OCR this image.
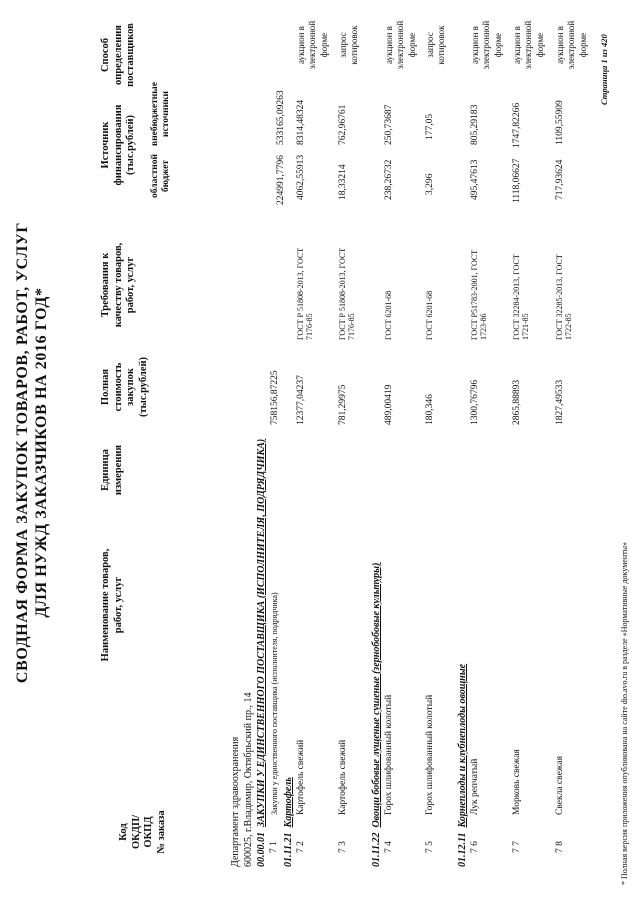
СВОДНАЯ ФОРМА ЗАКУПОК ТОВАРОВ, РАБОТ, УСЛУГ ДЛЯ НУЖД ЗАКАЗЧИКОВ НА 2016 ГОД*
Код ОКДП/ ОКПД № заказа
Наименование товаров, работ, услуг
Единица измерения
Полная стоимость закупок (тыс.рублей)
Требования к качеству товаров, работ, услуг
Источник финансирования (тыс.рублей)
областной бюджет
внебюджетные источники
Способ определения поставщиков
Департамент здравоохранения 600025, г.Владимир, Октябрьский пр., 14 00.00.01  ЗАКУПКИ У ЕДИНСТВЕННОГО ПОСТАВЩИКА (ИСПОЛНИТЕЛЯ, ПОДРЯДЧИКА)
7 1
Закупки у единственного поставщика (исполнителя, подрядчика)
758156,87225
224991,7796
533165,09263
01.11.21  Картофель
7 2
Картофель свежий
12377,04237
ГОСТ Р 51808-2013, ГОСТ 7176-85
4062,55913
8314,48324
аукцион в электронной форме
7 3
Картофель свежий
781,29975
ГОСТ Р 51808-2013, ГОСТ 7176-85
18,33214
762,96761
запрос котировок
01.11.22  Овощи бобовые лущеные сушеные (зернобобовые культуры)
7 4
Горох шлифованный колотый
489,00419
ГОСТ 6201-68
238,26732
250,73687
аукцион в электронной форме
7 5
Горох шлифованный колотый
180,346
ГОСТ 6201-68
3,296
177,05
запрос котировок
01.12.11  Корнеплоды и клубнеплоды овощные
7 6
Лук репчатый
1300,76796
ГОСТ Р51783-2001, ГОСТ 1723-86
495,47613
805,29183
аукцион в электронной форме
7 7
Морковь свежая
2865,88893
ГОСТ 32284-2013, ГОСТ 1721-85
1118,06627
1747,82266
аукцион в электронной форме
7 8
Свекла свежая
1827,49533
ГОСТ 32285-2013, ГОСТ 1722-85
717,93624
1109,55909
аукцион в электронной форме
* Полная версия приложения опубликована на сайте dio.avo.ru в разделе «Нормативные документы»
Страница 1 из 420
